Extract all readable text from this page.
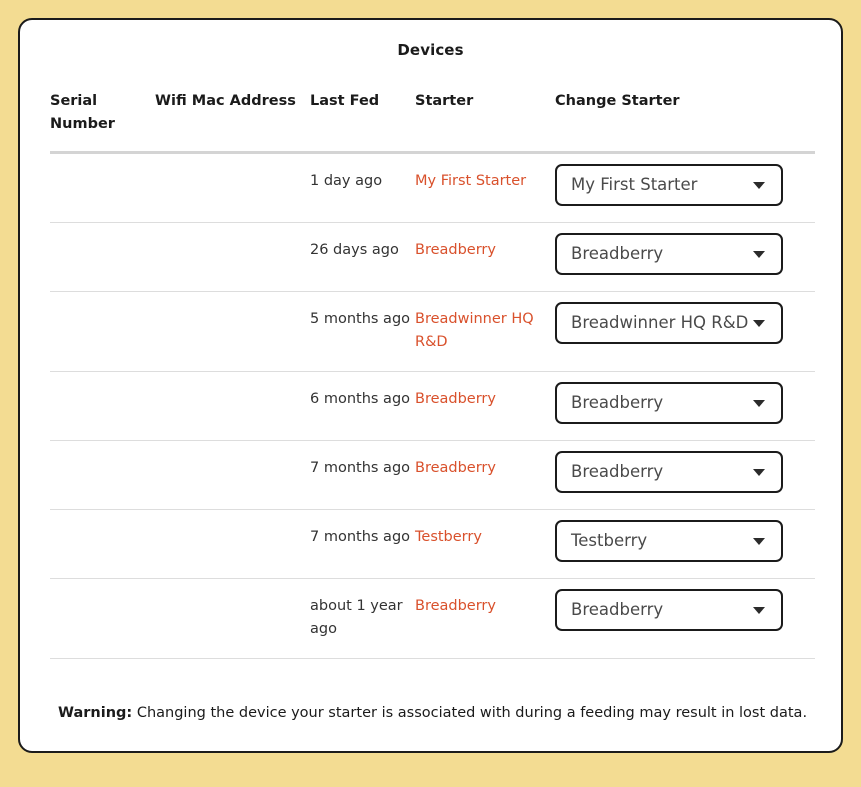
Devices
Serial Number	Wifi Mac Address	Last Fed	Starter	Change Starter
		1 day ago	My First Starter	My First Starter

		26 days ago	Breadberry	Breadberry

		5 months ago	Breadwinner HQ R&D	Breadwinner HQ R&D

		6 months ago	Breadberry	Breadberry

		7 months ago	Breadberry	Breadberry

		7 months ago	Testberry	Testberry

		about 1 year ago	Breadberry	Breadberry
Warning: Changing the device your starter is associated with during a feeding may result in lost data.
